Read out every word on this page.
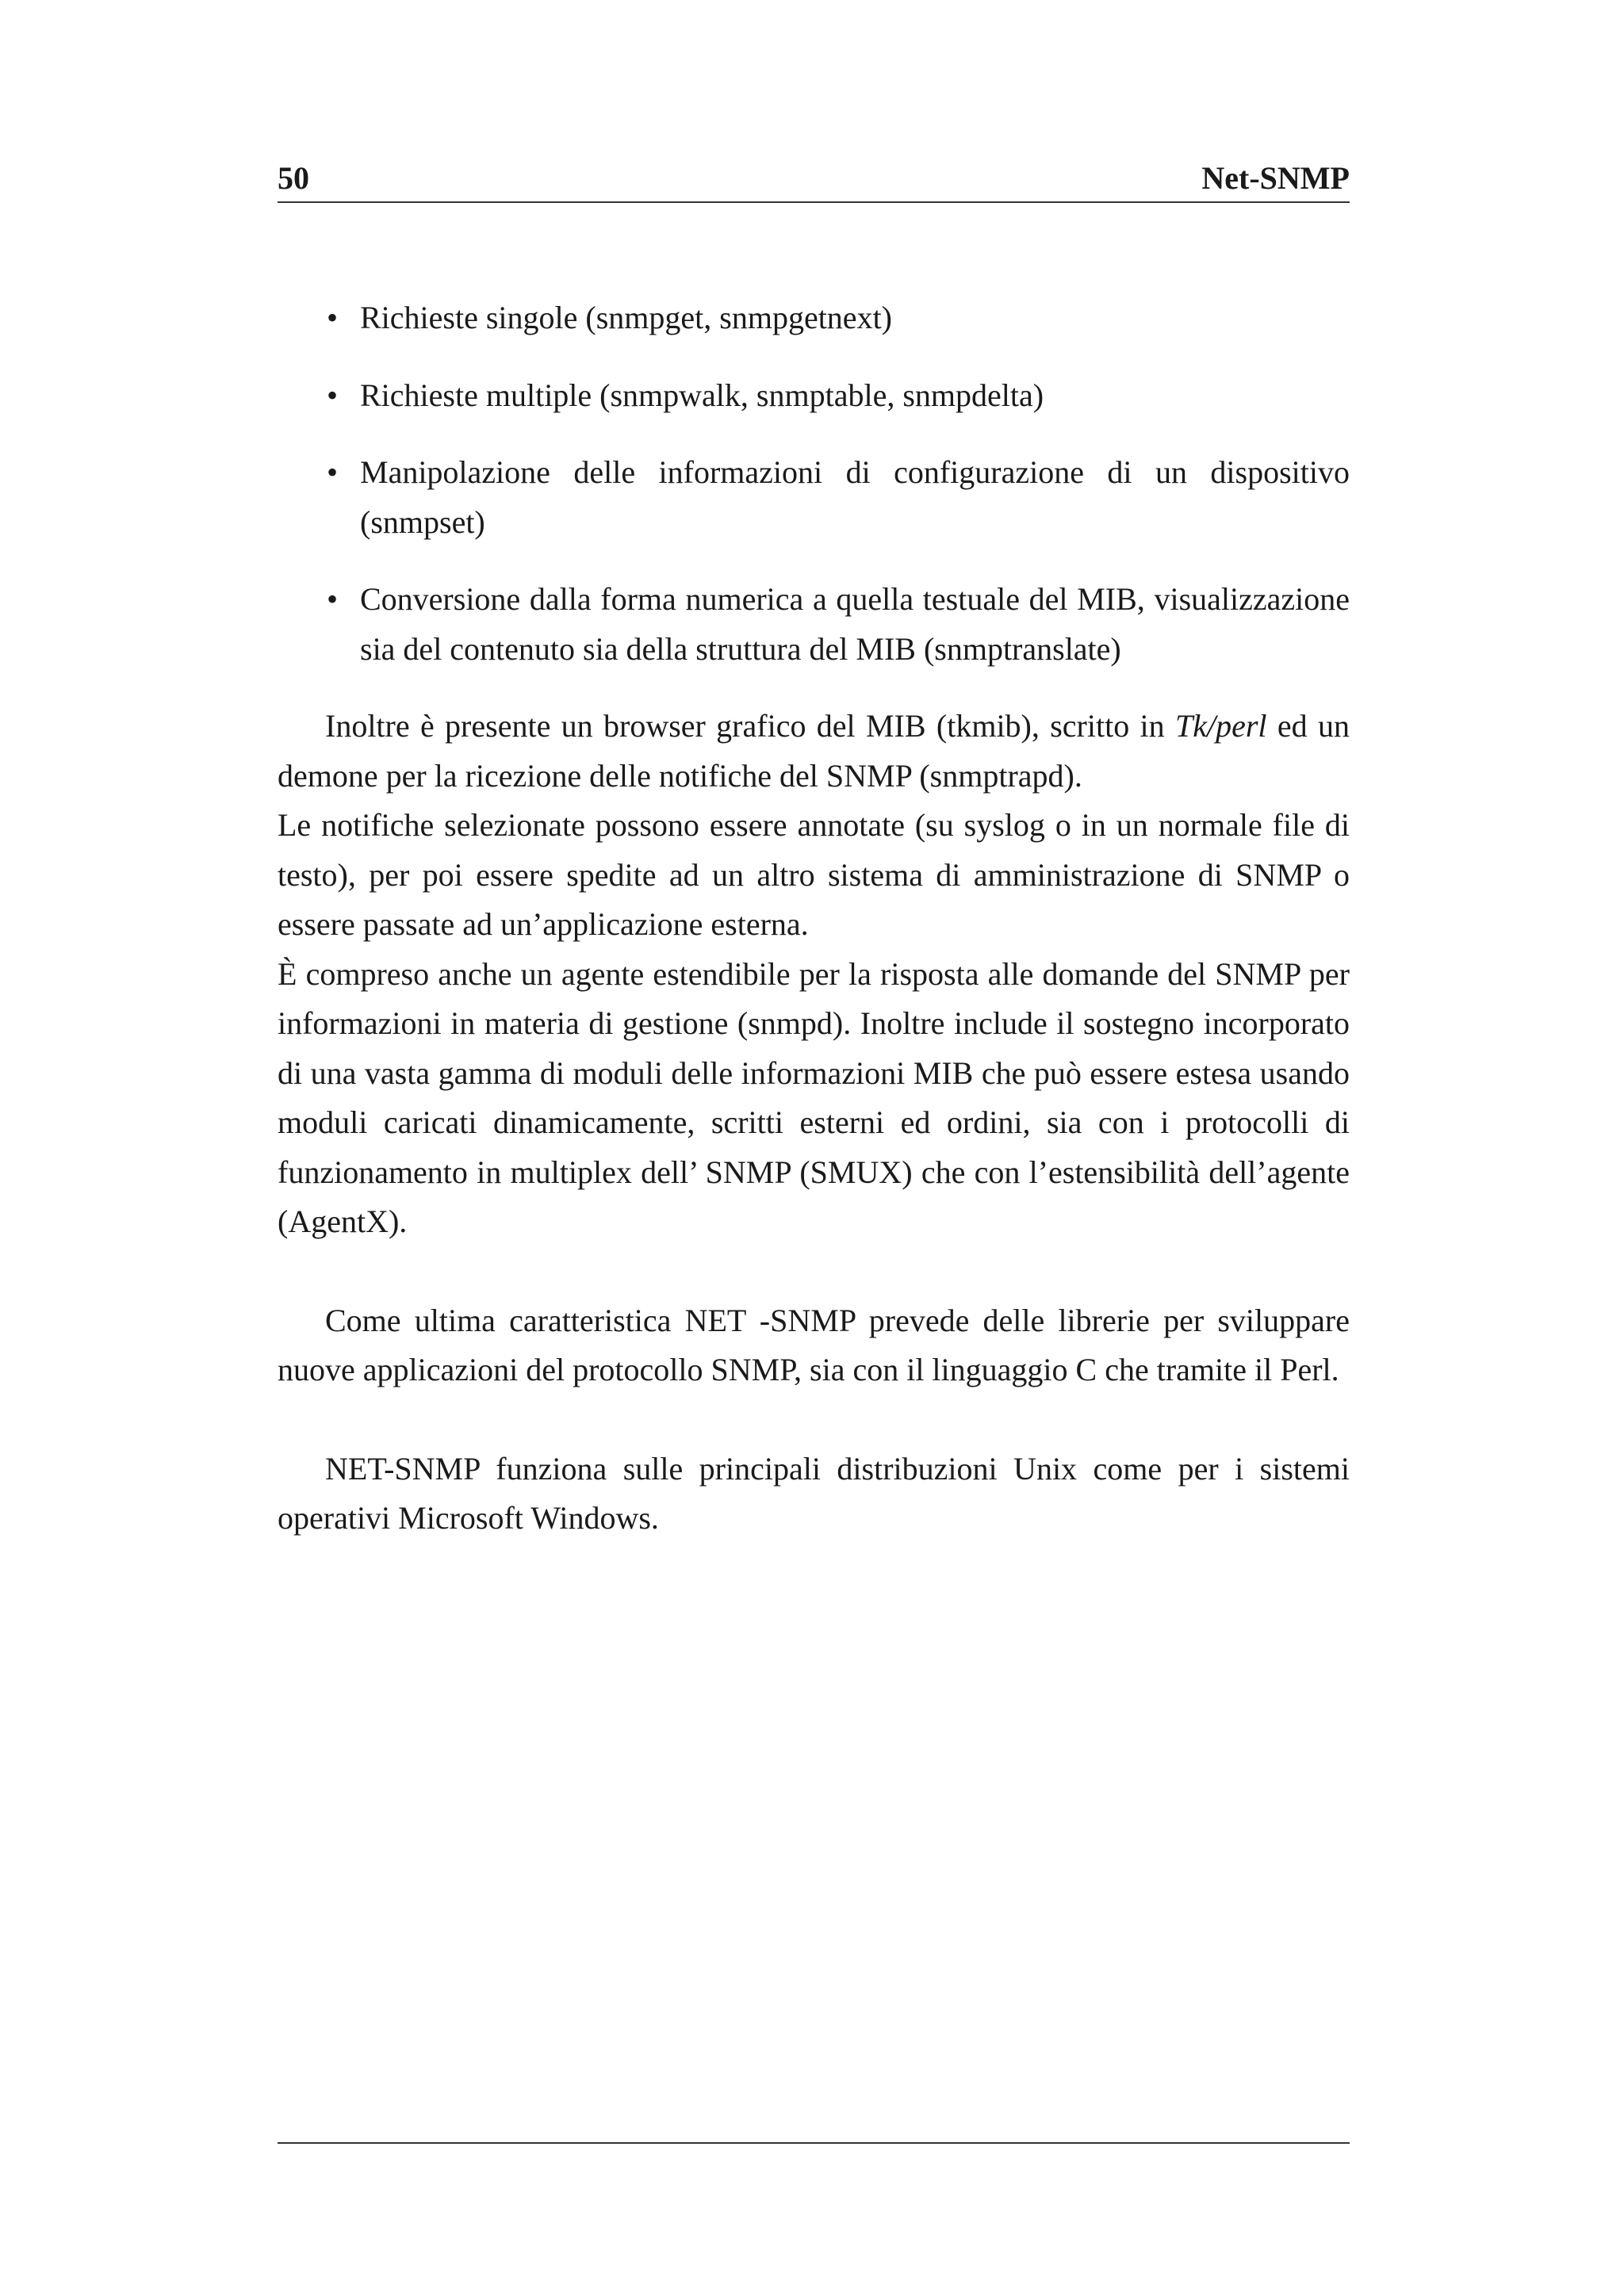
50	Net-SNMP
• Richieste singole (snmpget, snmpgetnext)
• Richieste multiple (snmpwalk, snmptable, snmpdelta)
• Manipolazione delle informazioni di configurazione di un dispositivo (snmpset)
• Conversione dalla forma numerica a quella testuale del MIB, visualizzazione sia del contenuto sia della struttura del MIB (snmptranslate)

Inoltre è presente un browser grafico del MIB (tkmib), scritto in Tk/perl ed un demone per la ricezione delle notifiche del SNMP (snmptrapd).

Le notifiche selezionate possono essere annotate (su syslog o in un normale file di testo), per poi essere spedite ad un altro sistema di amministrazione di SNMP o essere passate ad un’applicazione esterna.

È compreso anche un agente estendibile per la risposta alle domande del SNMP per informazioni in materia di gestione (snmpd). Inoltre include il sostegno incorporato di una vasta gamma di moduli delle informazioni MIB che può essere estesa usando moduli caricati dinamicamente, scritti esterni ed ordini, sia con i protocolli di funzionamento in multiplex dell’ SNMP (SMUX) che con l’estensibilità dell’agente (AgentX).

Come ultima caratteristica NET -SNMP prevede delle librerie per sviluppare nuove applicazioni del protocollo SNMP, sia con il linguaggio C che tramite il Perl.

NET-SNMP funziona sulle principali distribuzioni Unix come per i sistemi operativi Microsoft Windows.
